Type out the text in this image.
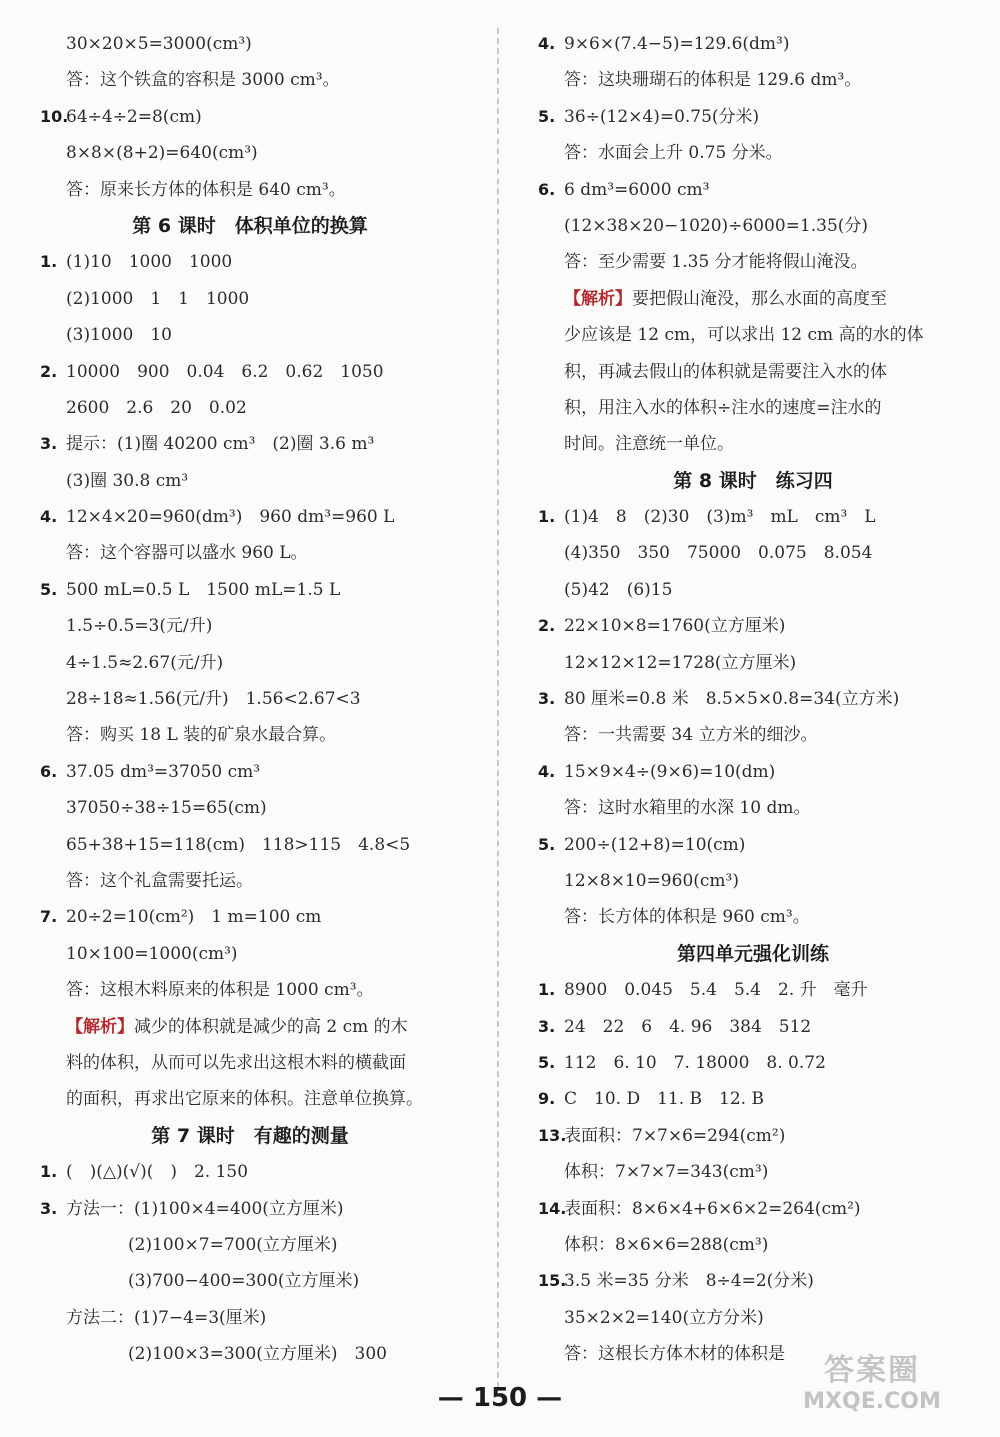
30×20×5=3000(cm³)
答：这个铁盒的容积是 3000 cm³。
10.64÷4÷2=8(cm)
8×8×(8+2)=640(cm³)
答：原来长方体的体积是 640 cm³。
第 6 课时　体积单位的换算
1. (1)10　1000　1000
(2)1000　1　1　1000
(3)1000　10
2. 10000　900　0.04　6.2　0.62　1050
2600　2.6　20　0.02
3. 提示：(1)圈 40200 cm³　(2)圈 3.6 m³
(3)圈 30.8 cm³
4. 12×4×20=960(dm³)　960 dm³=960 L
答：这个容器可以盛水 960 L。
5. 500 mL=0.5 L　1500 mL=1.5 L
1.5÷0.5=3(元/升)
4÷1.5≈2.67(元/升)
28÷18≈1.56(元/升)　1.56<2.67<3
答：购买 18 L 装的矿泉水最合算。
6. 37.05 dm³=37050 cm³
37050÷38÷15=65(cm)
65+38+15=118(cm)　118>115　4.8<5
答：这个礼盒需要托运。
7. 20÷2=10(cm²)　1 m=100 cm
10×100=1000(cm³)
答：这根木料原来的体积是 1000 cm³。
【解析】减少的体积就是减少的高 2 cm 的木
料的体积，从而可以先求出这根木料的横截面
的面积，再求出它原来的体积。注意单位换算。
第 7 课时　有趣的测量
1. (　)(△)(√)(　)　2. 150
3. 方法一：(1)100×4=400(立方厘米)
(2)100×7=700(立方厘米)
(3)700−400=300(立方厘米)
方法二：(1)7−4=3(厘米)
(2)100×3=300(立方厘米)　300
4. 9×6×(7.4−5)=129.6(dm³)
答：这块珊瑚石的体积是 129.6 dm³。
5. 36÷(12×4)=0.75(分米)
答：水面会上升 0.75 分米。
6. 6 dm³=6000 cm³
(12×38×20−1020)÷6000=1.35(分)
答：至少需要 1.35 分才能将假山淹没。
【解析】要把假山淹没，那么水面的高度至
少应该是 12 cm，可以求出 12 cm 高的水的体
积，再减去假山的体积就是需要注入水的体
积，用注入水的体积÷注水的速度=注水的
时间。注意统一单位。
第 8 课时　练习四
1. (1)4　8　(2)30　(3)m³　mL　cm³　L
(4)350　350　75000　0.075　8.054
(5)42　(6)15
2. 22×10×8=1760(立方厘米)
12×12×12=1728(立方厘米)
3. 80 厘米=0.8 米　8.5×5×0.8=34(立方米)
答：一共需要 34 立方米的细沙。
4. 15×9×4÷(9×6)=10(dm)
答：这时水箱里的水深 10 dm。
5. 200÷(12+8)=10(cm)
12×8×10=960(cm³)
答：长方体的体积是 960 cm³。
第四单元强化训练
1. 8900　0.045　5.4　5.4　2. 升　毫升
3. 24　22　6　4. 96　384　512
5. 112　6. 10　7. 18000　8. 0.72
9. C　10. D　11. B　12. B
13.表面积：7×7×6=294(cm²)
体积：7×7×7=343(cm³)
14.表面积：8×6×4+6×6×2=264(cm²)
体积：8×6×6=288(cm³)
15.3.5 米=35 分米　8÷4=2(分米)
35×2×2=140(立方分米)
答：这根长方体木材的体积是
— 150 —
答案圈
MXQE.COM
